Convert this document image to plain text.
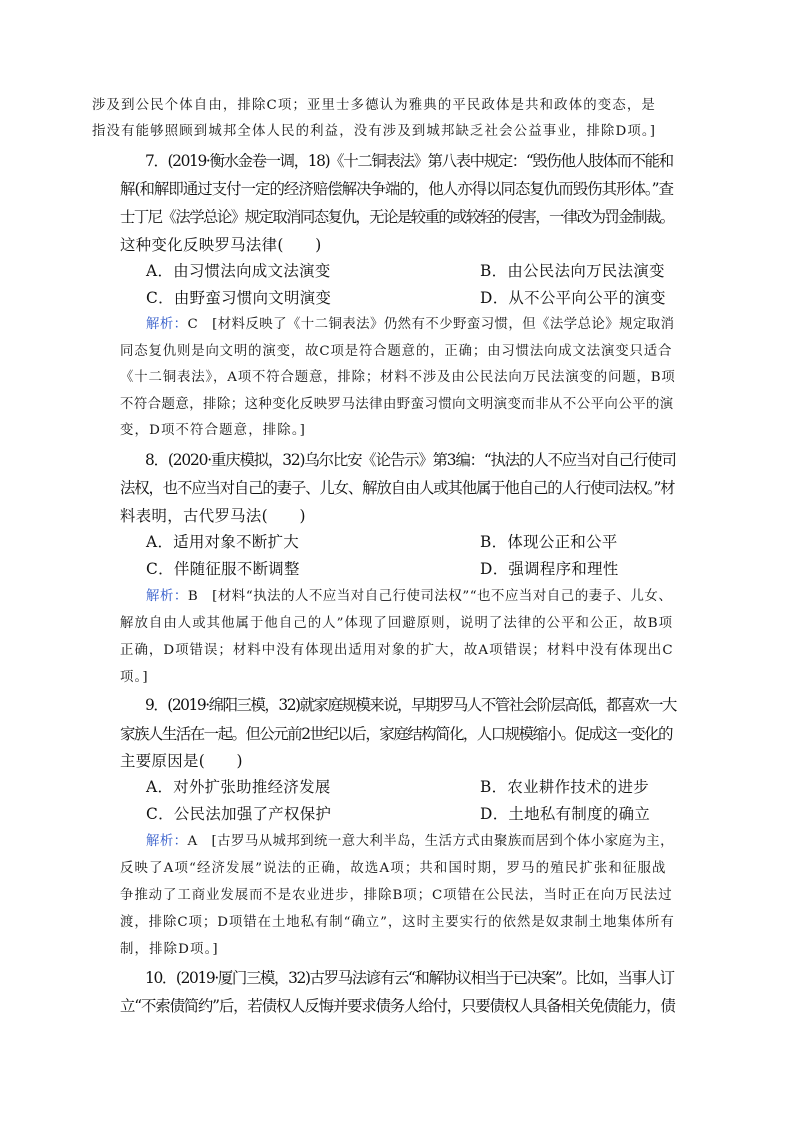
涉及到公民个体自由，排除C项；亚里士多德认为雅典的平民政体是共和政体的变态，是
指没有能够照顾到城邦全体人民的利益，没有涉及到城邦缺乏社会公益事业，排除D项。]
7．(2019·衡水金卷一调，18)《十二铜表法》第八表中规定：“毁伤他人肢体而不能和
解(和解即通过支付一定的经济赔偿解决争端的，他人亦得以同态复仇而毁伤其形体。”查
士丁尼《法学总论》规定取消同态复仇，无论是较重的或较轻的侵害，一律改为罚金制裁。
这种变化反映罗马法律(　　)
A．由习惯法向成文法演变	B．由公民法向万民法演变
C．由野蛮习惯向文明演变	D．从不公平向公平的演变
解析：C　[材料反映了《十二铜表法》仍然有不少野蛮习惯，但《法学总论》规定取消
同态复仇则是向文明的演变，故C项是符合题意的，正确；由习惯法向成文法演变只适合
《十二铜表法》，A项不符合题意，排除；材料不涉及由公民法向万民法演变的问题，B项
不符合题意，排除；这种变化反映罗马法律由野蛮习惯向文明演变而非从不公平向公平的演
变，D项不符合题意，排除。]
8．(2020·重庆模拟，32)乌尔比安《论告示》第3编：“执法的人不应当对自己行使司
法权，也不应当对自己的妻子、儿女、解放自由人或其他属于他自己的人行使司法权。”材
料表明，古代罗马法(　　)
A．适用对象不断扩大	B．体现公正和公平
C．伴随征服不断调整	D．强调程序和理性
解析：B　[材料“执法的人不应当对自己行使司法权”“也不应当对自己的妻子、儿女、
解放自由人或其他属于他自己的人”体现了回避原则，说明了法律的公平和公正，故B项
正确，D项错误；材料中没有体现出适用对象的扩大，故A项错误；材料中没有体现出C
项。]
9．(2019·绵阳三模，32)就家庭规模来说，早期罗马人不管社会阶层高低，都喜欢一大
家族人生活在一起。但公元前2世纪以后，家庭结构简化，人口规模缩小。促成这一变化的
主要原因是(　　)
A．对外扩张助推经济发展	B．农业耕作技术的进步
C．公民法加强了产权保护	D．土地私有制度的确立
解析：A　[古罗马从城邦到统一意大利半岛，生活方式由聚族而居到个体小家庭为主，
反映了A项“经济发展”说法的正确，故选A项；共和国时期，罗马的殖民扩张和征服战
争推动了工商业发展而不是农业进步，排除B项；C项错在公民法，当时正在向万民法过
渡，排除C项；D项错在土地私有制“确立”，这时主要实行的依然是奴隶制土地集体所有
制，排除D项。]
10．(2019·厦门三模，32)古罗马法谚有云“和解协议相当于已决案”。比如，当事人订
立“不索债简约”后，若债权人反悔并要求债务人给付，只要债权人具备相关免债能力，债
